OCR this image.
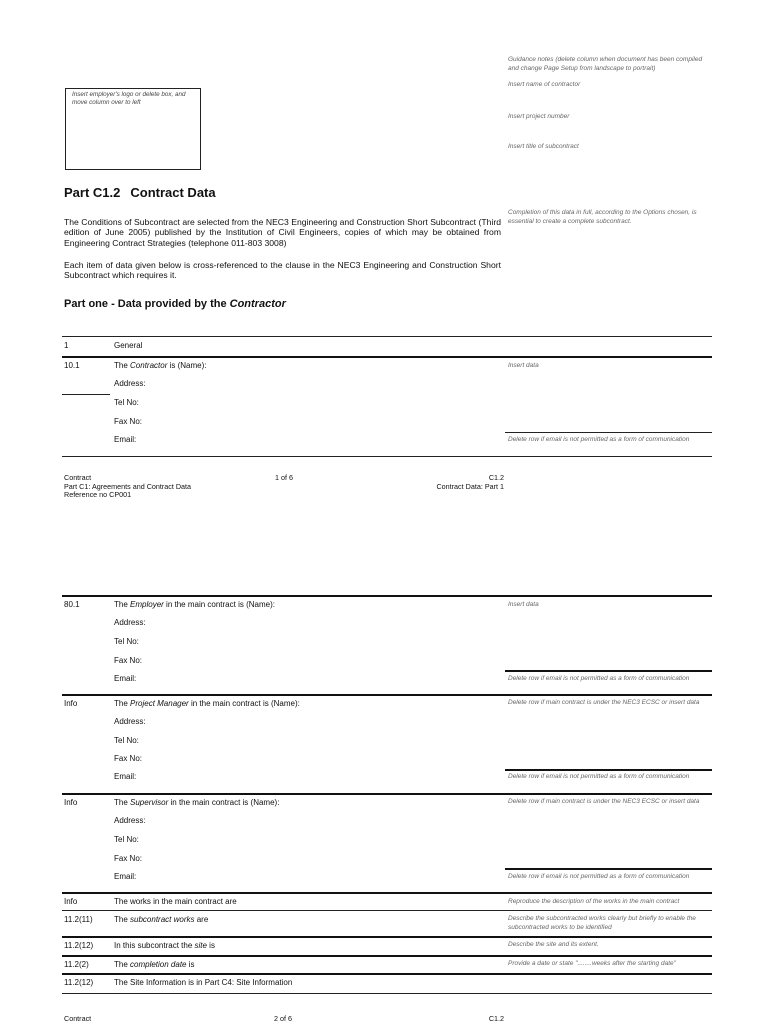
Guidance notes (delete column when document has been compiled and change Page Setup from landscape to portrait)
Insert name of contractor
Insert project number
Insert title of subcontract
Insert employer's logo or delete box, and move column over to left
Part C1.2 Contract Data
The Conditions of Subcontract are selected from the NEC3 Engineering and Construction Short Subcontract (Third edition of June 2005) published by the Institution of Civil Engineers, copies of which may be obtained from Engineering Contract Strategies (telephone 011-803 3008)
Each item of data given below is cross-referenced to the clause in the NEC3 Engineering and Construction Short Subcontract which requires it.
Completion of this data in full, according to the Options chosen, is essential to create a complete subcontract.
Part one - Data provided by the Contractor
1	General
10.1	The Contractor is (Name):	Insert data
Address:
Tel No:
Fax No:
Email:	Delete row if email is not permitted as a form of communication
Contract
Part C1: Agreements and Contract Data
Reference no CP001
1 of 6	C1.2
Contract Data: Part 1
80.1	The Employer in the main contract is (Name):	Insert data
Address:
Tel No:
Fax No:
Email:	Delete row if email is not permitted as a form of communication
Info	The Project Manager in the main contract is (Name):	Delete row if main contract is under the NEC3 ECSC or insert data
Address:
Tel No:
Fax No:
Email:	Delete row if email is not permitted as a form of communication
Info	The Supervisor in the main contract is (Name):	Delete row if main contract is under the NEC3 ECSC or insert data
Address:
Tel No:
Fax No:
Email:	Delete row if email is not permitted as a form of communication
Info	The works in the main contract are	Reproduce the description of the works in the main contract
11.2(11)	The subcontract works are	Describe the subcontracted works clearly but briefly to enable the subcontracted works to be identified
11.2(12)	In this subcontract the site is	Describe the site and its extent.
11.2(2)	The completion date is	Provide a date or state "........weeks after the starting date"
11.2(12)	The Site Information is in Part C4: Site Information
Contract	2 of 6	C1.2
